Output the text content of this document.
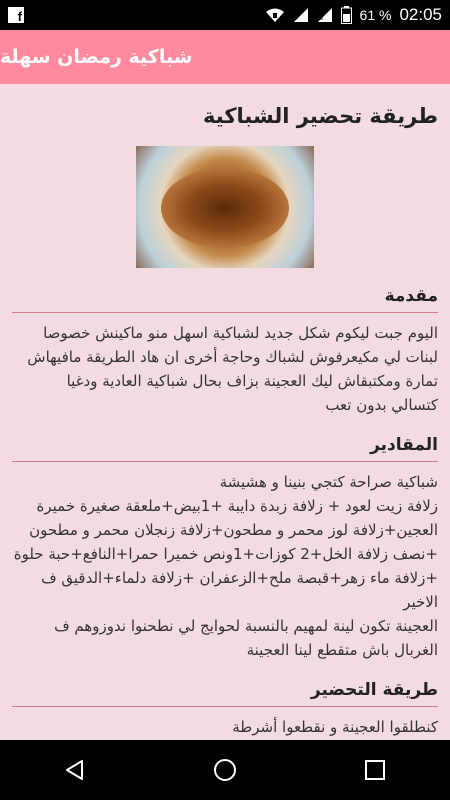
f	x	61 % 02:05
شباكية رمضان سهلة
طريقة تحضير الشباكية
مقدمة
اليوم جبت ليكوم شكل جديد لشباكية اسهل منو ماكينش خصوصا
لبنات لي مكيعرفوش لشباك وحاجة أخرى ان هاد الطريقة مافيهاش
تمارة ومكتبقاش ليك العجينة بزاف بحال شباكية العادية ودغيا
كتسالي بدون تعب
المقادير
شباكية صراحة كتجي بنينا و هشيشة
زلافة زيت لعود + زلافة زبدة دايبة +1بيض+ملعقة صغيرة خميرة
العجين+زلافة لوز محمر و مطحون+زلافة زنجلان محمر و مطحون
+نصف زلافة الخل+2 كوزات+1ونص خميرا حمرا+النافع+حبة حلوة
+زلافة ماء زهر+قبصة ملح+الزعفران +زلافة دلماء+الدقيق ف الاخير
العجينة تكون لينة لمهيم بالنسبة لحوايج لي نطحنوا ندوزوهم ف
الغربال باش متقطع لينا العجينة
طريقة التحضير
كنطلقوا العجينة و نقطعوا أشرطة
